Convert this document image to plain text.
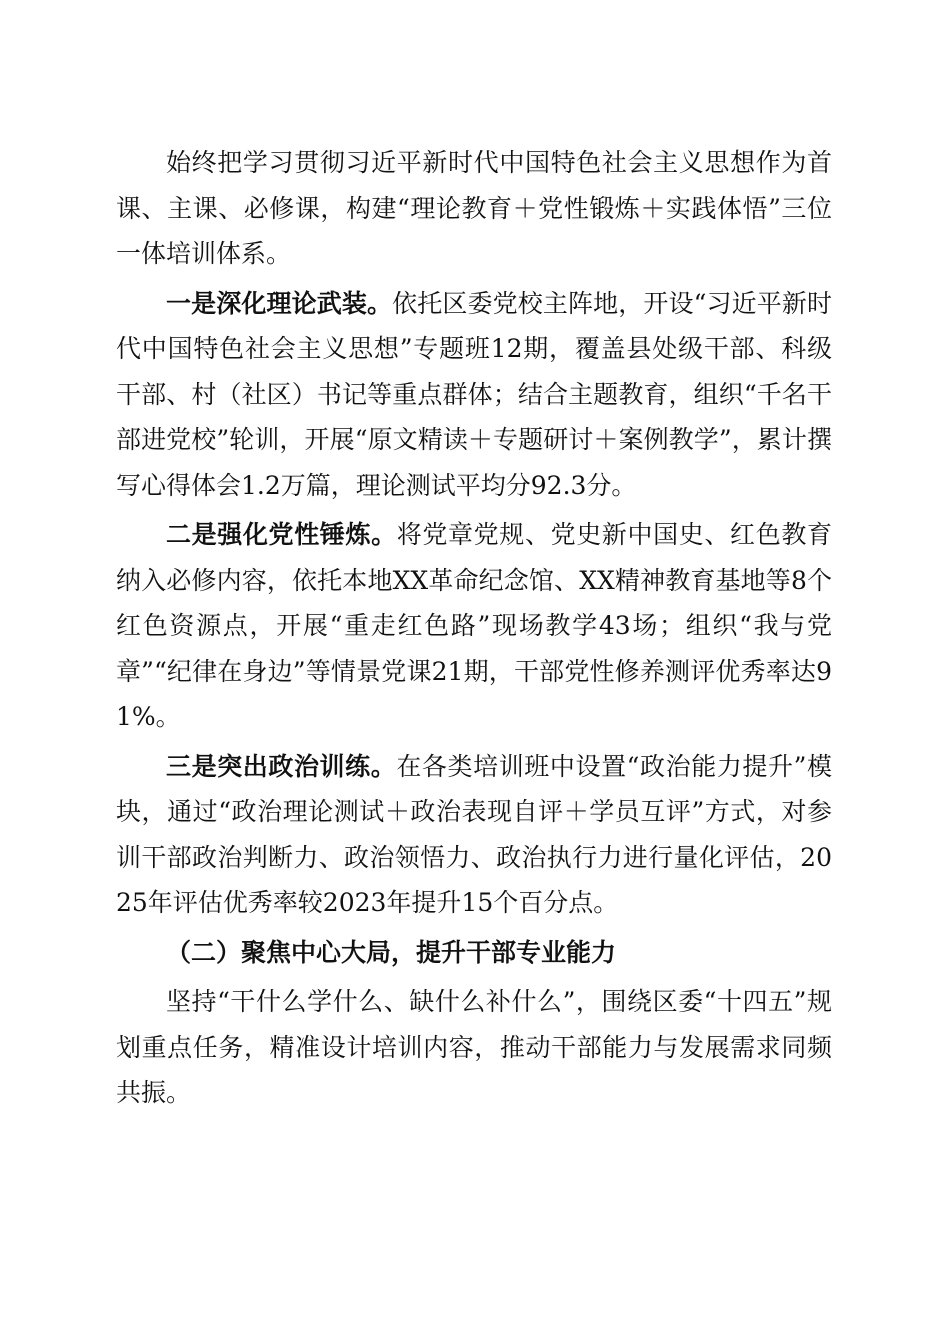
始终把学习贯彻习近平新时代中国特色社会主义思想作为首课、主课、必修课，构建“理论教育＋党性锻炼＋实践体悟”三位一体培训体系。

一是深化理论武装。依托区委党校主阵地，开设“习近平新时代中国特色社会主义思想”专题班12期，覆盖县处级干部、科级干部、村（社区）书记等重点群体；结合主题教育，组织“千名干部进党校”轮训，开展“原文精读＋专题研讨＋案例教学”，累计撰写心得体会1.2万篇，理论测试平均分92.3分。

二是强化党性锤炼。将党章党规、党史新中国史、红色教育纳入必修内容，依托本地XX革命纪念馆、XX精神教育基地等8个红色资源点，开展“重走红色路”现场教学43场；组织“我与党章”“纪律在身边”等情景党课21期，干部党性修养测评优秀率达91%。

三是突出政治训练。在各类培训班中设置“政治能力提升”模块，通过“政治理论测试＋政治表现自评＋学员互评”方式，对参训干部政治判断力、政治领悟力、政治执行力进行量化评估，2025年评估优秀率较2023年提升15个百分点。

（二）聚焦中心大局，提升干部专业能力

坚持“干什么学什么、缺什么补什么”，围绕区委“十四五”规划重点任务，精准设计培训内容，推动干部能力与发展需求同频共振。
